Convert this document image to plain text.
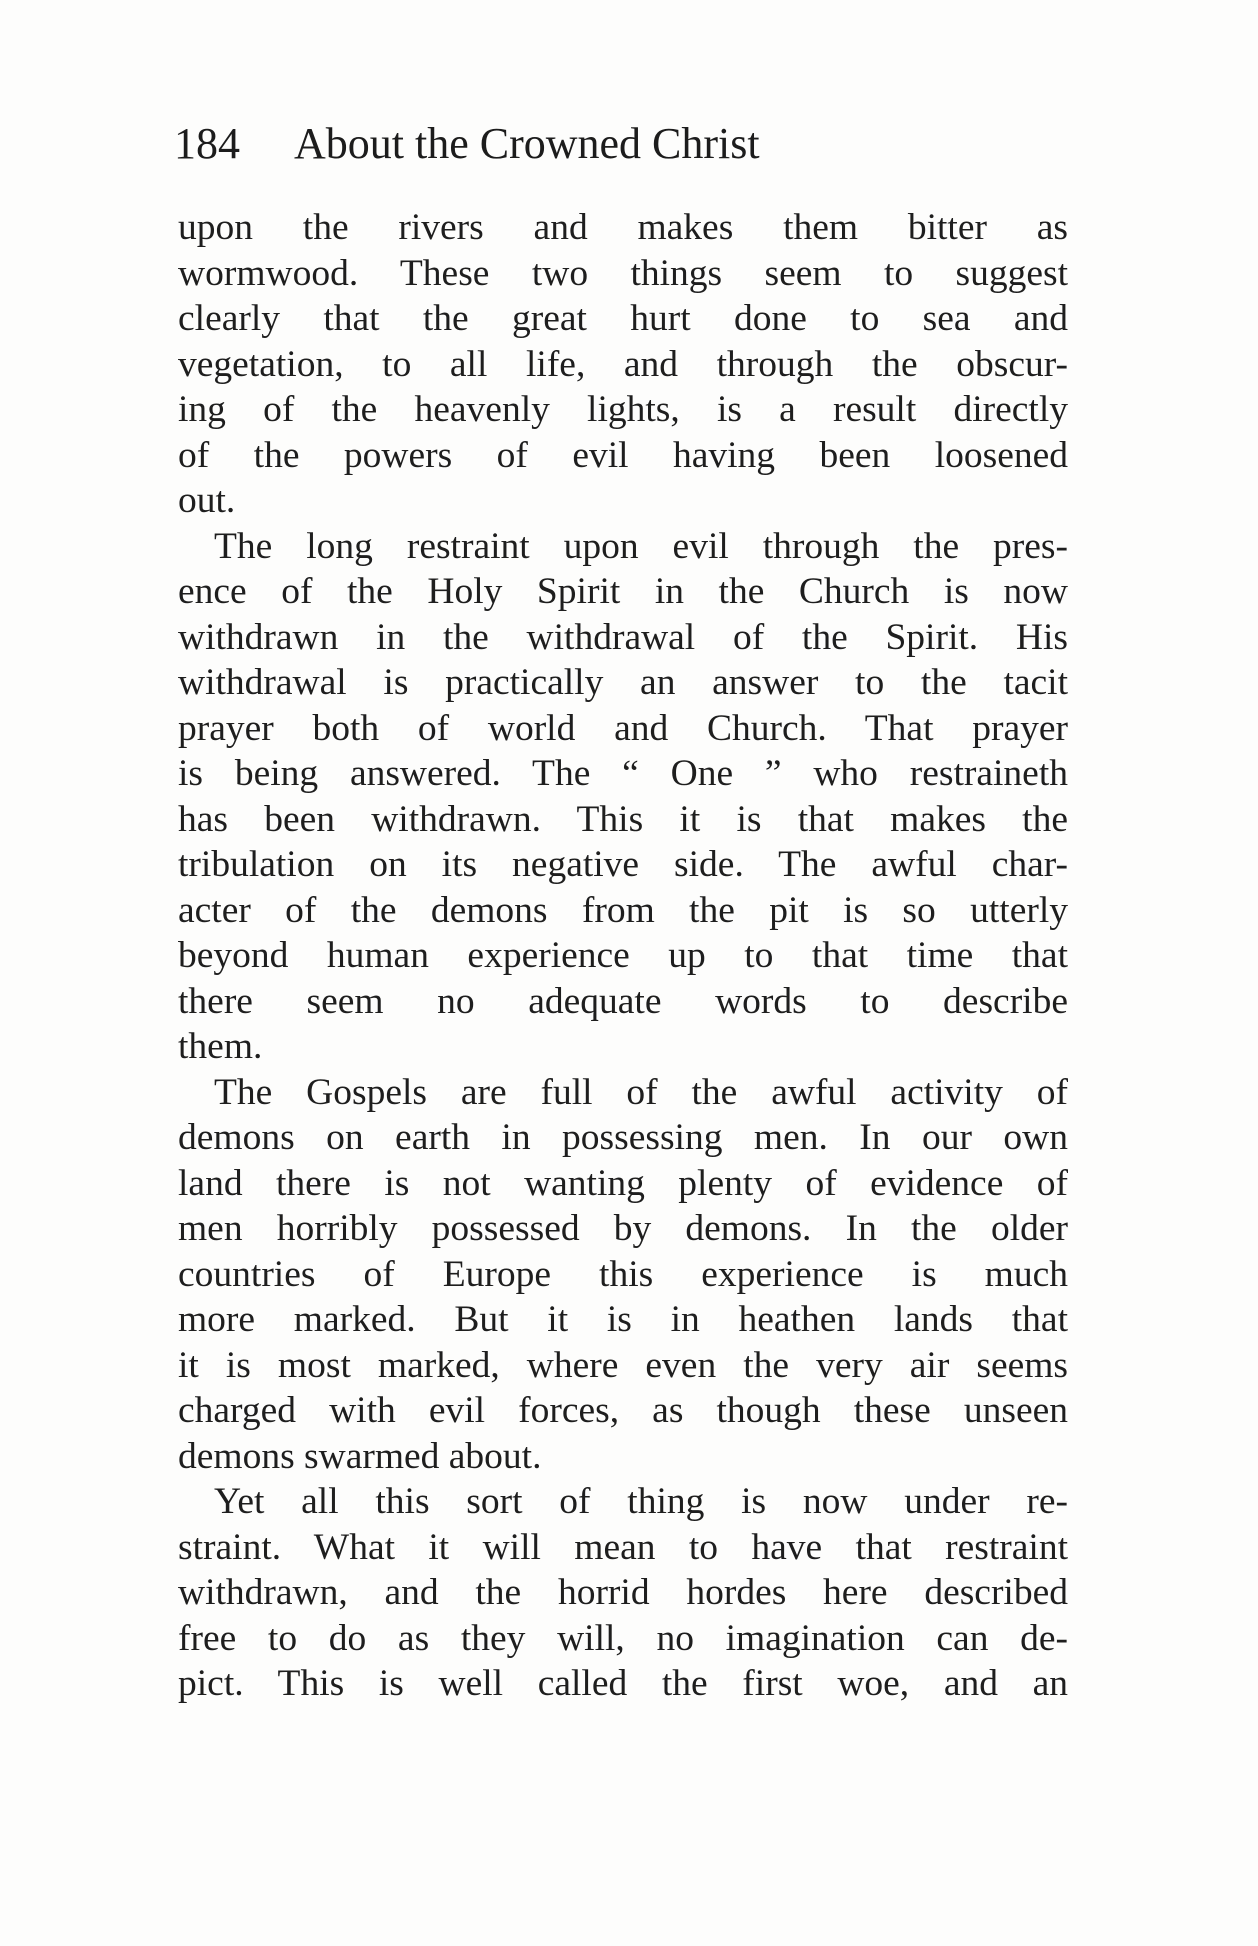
184 About the Crowned Christ
upon the rivers and makes them bitter as
wormwood. These two things seem to suggest
clearly that the great hurt done to sea and
vegetation, to all life, and through the obscur-
ing of the heavenly lights, is a result directly
of the powers of evil having been loosened
out.
The long restraint upon evil through the pres-
ence of the Holy Spirit in the Church is now
withdrawn in the withdrawal of the Spirit. His
withdrawal is practically an answer to the tacit
prayer both of world and Church. That prayer
is being answered. The “ One ” who restraineth
has been withdrawn. This it is that makes the
tribulation on its negative side. The awful char-
acter of the demons from the pit is so utterly
beyond human experience up to that time that
there seem no adequate words to describe
them.
The Gospels are full of the awful activity of
demons on earth in possessing men. In our own
land there is not wanting plenty of evidence of
men horribly possessed by demons. In the older
countries of Europe this experience is much
more marked. But it is in heathen lands that
it is most marked, where even the very air seems
charged with evil forces, as though these unseen
demons swarmed about.
Yet all this sort of thing is now under re-
straint. What it will mean to have that restraint
withdrawn, and the horrid hordes here described
free to do as they will, no imagination can de-
pict. This is well called the first woe, and an
